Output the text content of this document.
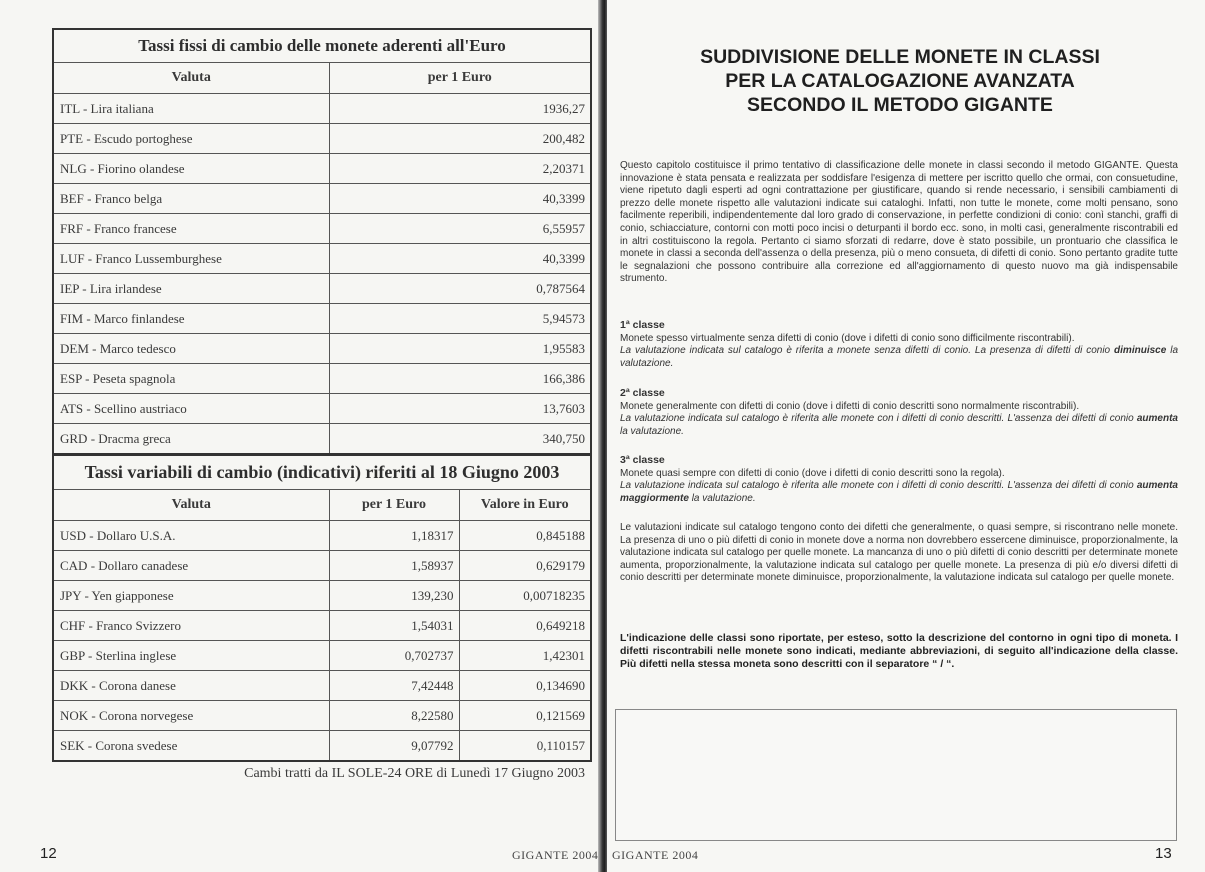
Tassi fissi di cambio delle monete aderenti all'Euro	
Valuta	per 1 Euro
ITL - Lira italiana	1936,27
PTE - Escudo portoghese	200,482
NLG - Fiorino olandese	2,20371
BEF - Franco belga	40,3399
FRF - Franco francese	6,55957
LUF - Franco Lussemburghese	40,3399
IEP - Lira irlandese	0,787564
FIM - Marco finlandese	5,94573
DEM - Marco tedesco	1,95583
ESP - Peseta spagnola	166,386
ATS - Scellino austriaco	13,7603
GRD - Dracma greca	340,750
Tassi variabili di cambio (indicativi) riferiti al 18 Giugno 2003		
Valuta	per 1 Euro	Valore in Euro
USD - Dollaro U.S.A.	1,18317	0,845188
CAD - Dollaro canadese	1,58937	0,629179
JPY - Yen giapponese	139,230	0,00718235
CHF - Franco Svizzero	1,54031	0,649218
GBP - Sterlina inglese	0,702737	1,42301
DKK - Corona danese	7,42448	0,134690
NOK - Corona norvegese	8,22580	0,121569
SEK - Corona svedese	9,07792	0,110157
Cambi tratti da IL SOLE-24 ORE di Lunedì 17 Giugno 2003
12	GIGANTE 2004
SUDDIVISIONE DELLE MONETE IN CLASSI
PER LA CATALOGAZIONE AVANZATA
SECONDO IL METODO GIGANTE

Questo capitolo costituisce il primo tentativo di classificazione delle monete in classi secondo il metodo GIGANTE. Questa innovazione è stata pensata e realizzata per soddisfare l'esigenza di mettere per iscritto quello che ormai, con consuetudine, viene ripetuto dagli esperti ad ogni contrattazione per giustificare, quando si rende necessario, i sensibili cambiamenti di prezzo delle monete rispetto alle valutazioni indicate sui cataloghi. Infatti, non tutte le monete, come molti pensano, sono facilmente reperibili, indipendentemente dal loro grado di conservazione, in perfette condizioni di conio: conì stanchi, graffi di conio, schiacciature, contorni con motti poco incisi o deturpanti il bordo ecc. sono, in molti casi, generalmente riscontrabili ed in altri costituiscono la regola. Pertanto ci siamo sforzati di redarre, dove è stato possibile, un prontuario che classifica le monete in classi a seconda dell'assenza o della presenza, più o meno consueta, di difetti di conio. Sono pertanto gradite tutte le segnalazioni che possono contribuire alla correzione ed all'aggiornamento di questo nuovo ma già indispensabile strumento.

1ª classe

Monete spesso virtualmente senza difetti di conio (dove i difetti di conio sono difficilmente riscontrabili).

La valutazione indicata sul catalogo è riferita a monete senza difetti di conio. La presenza di difetti di conio diminuisce la valutazione.

2ª classe

Monete generalmente con difetti di conio (dove i difetti di conio descritti sono normalmente riscontrabili).

La valutazione indicata sul catalogo è riferita alle monete con i difetti di conio descritti. L'assenza dei difetti di conio aumenta la valutazione.

3ª classe

Monete quasi sempre con difetti di conio (dove i difetti di conio descritti sono la regola).

La valutazione indicata sul catalogo è riferita alle monete con i difetti di conio descritti. L'assenza dei difetti di conio aumenta maggiormente la valutazione.

Le valutazioni indicate sul catalogo tengono conto dei difetti che generalmente, o quasi sempre, si riscontrano nelle monete. La presenza di uno o più difetti di conio in monete dove a norma non dovrebbero essercene diminuisce, proporzionalmente, la valutazione indicata sul catalogo per quelle monete. La mancanza di uno o più difetti di conio descritti per determinate monete aumenta, proporzionalmente, la valutazione indicata sul catalogo per quelle monete. La presenza di più e/o diversi difetti di conio descritti per determinate monete diminuisce, proporzionalmente, la valutazione indicata sul catalogo per quelle monete.

L'indicazione delle classi sono riportate, per esteso, sotto la descrizione del contorno in ogni tipo di moneta. I difetti riscontrabili nelle monete sono indicati, mediante abbreviazioni, di seguito all'indicazione della classe. Più difetti nella stessa moneta sono descritti con il separatore “ / “.

GIGANTE 2004	13
